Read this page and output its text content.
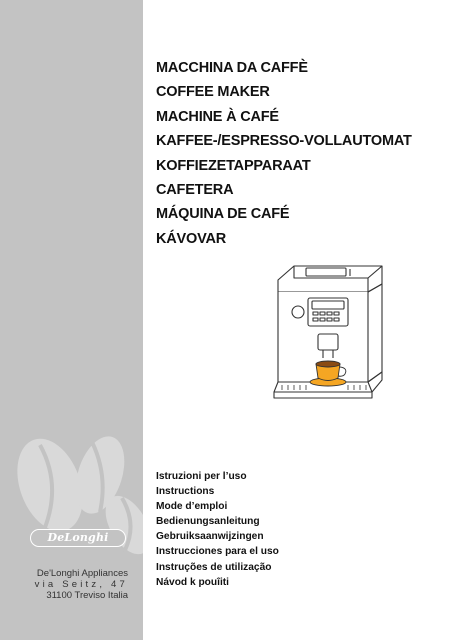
DeLonghi
De'Longhi Appliances
via Seitz, 47
31100 Treviso Italia
MACCHINA DA CAFFÈ
COFFEE MAKER
MACHINE À CAFÉ
KAFFEE-/ESPRESSO-VOLLAUTOMAT
KOFFIEZETAPPARAAT
CAFETERA
MÁQUINA DE CAFÉ
KÁVOVAR
Istruzioni per l’uso
Instructions
Mode d’emploi
Bedienungsanleitung
Gebruiksaanwijzingen
Instrucciones para el uso
Instruções de utilização
Návod k pouîiti
